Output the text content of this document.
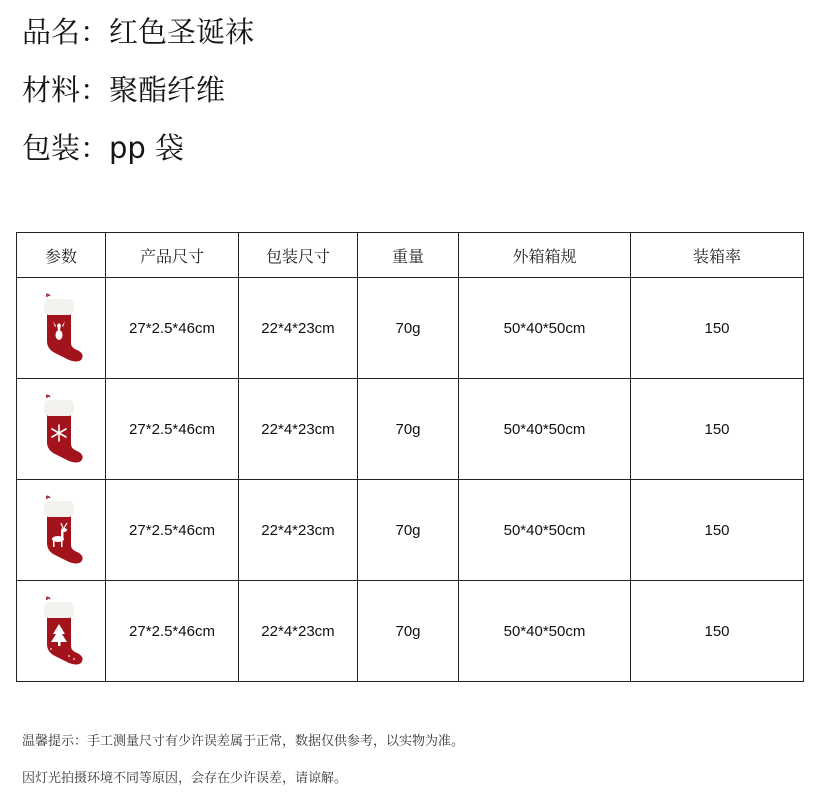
品名：红色圣诞袜
材料：聚酯纤维
包装：pp 袋
参数	产品尺寸	包装尺寸	重量	外箱箱规	装箱率

	27*2.5*46cm	22*4*23cm	70g	50*40*50cm	150

	27*2.5*46cm	22*4*23cm	70g	50*40*50cm	150

	27*2.5*46cm	22*4*23cm	70g	50*40*50cm	150

	27*2.5*46cm	22*4*23cm	70g	50*40*50cm	150
温馨提示：手工测量尺寸有少许误差属于正常，数据仅供参考，以实物为准。
因灯光拍摄环境不同等原因，会存在少许误差，请谅解。
